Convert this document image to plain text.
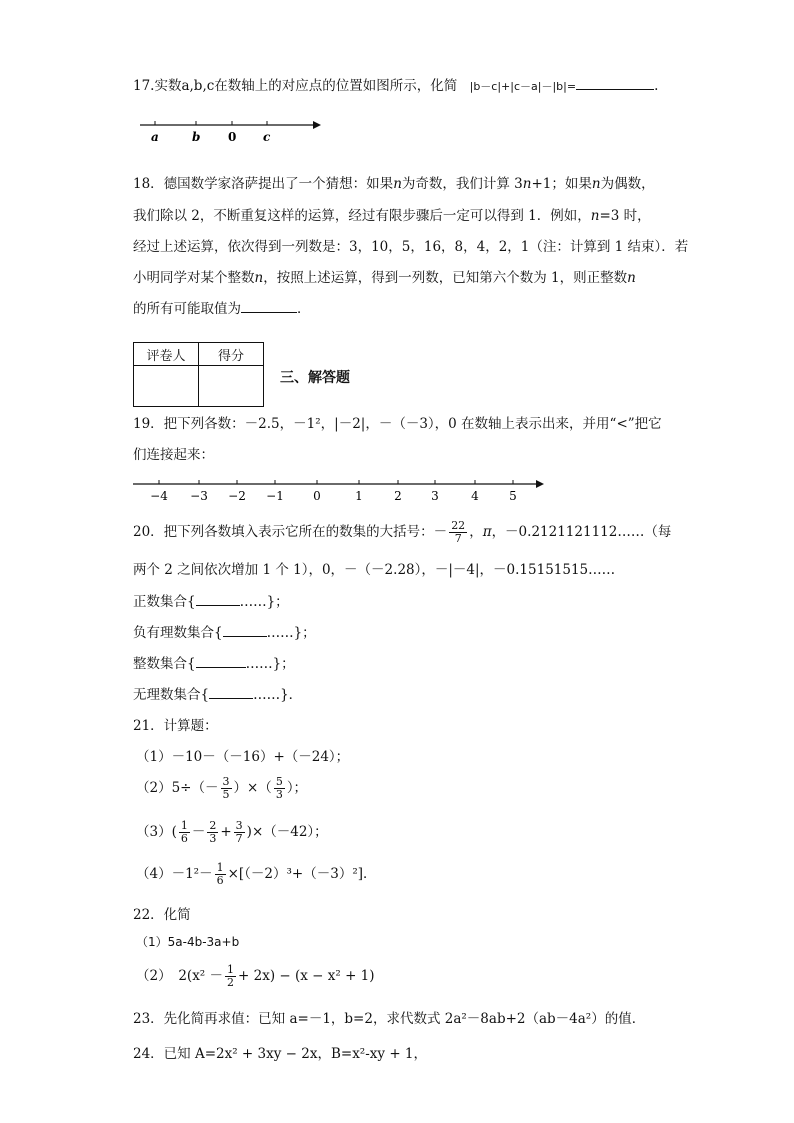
17.实数a,b,c在数轴上的对应点的位置如图所示，化简 |b－c|+|c－a|－|b|=	.
a	b 0 c
18．德国数学家洛萨提出了一个猜想：如果n为奇数，我们计算 3n+1；如果n为偶数，
我们除以 2，不断重复这样的运算，经过有限步骤后一定可以得到 1．例如，n=3 时，
经过上述运算，依次得到一列数是：3，10，5，16，8，4，2，1（注：计算到 1 结束）．若
小明同学对某个整数n，按照上述运算，得到一列数，已知第六个数为 1，则正整数n
的所有可能取值为	．
评卷人	得分

三、解答题
19．把下列各数：－2.5，－1²，|－2|，－（－3），0 在数轴上表示出来，并用“<”把它
们连接起来：
−4 −3 −2 −1 0	1	2 3	4	5
20．把下列各数填入表示它所在的数集的大括号：－ $\frac{22}{7}$ ，π，－0.2121121112……（每
两个 2 之间依次增加 1 个 1），0，－（－2.28），－|－4|，－0.15151515……
正数集合{	……}；
负有理数集合{	……}；
整数集合{	……}；
无理数集合{	……}．
21．计算题：
（1）－10－（－16）+（－24）；
$(2)5\div(- \frac{3}{5}$ ）×（ $\frac{5}{3}$ ）；
$(3)( \frac{1}{6} - \frac{2}{3} + \frac{3}{7} )\times(-42)$；
$(4)-1^2- \frac{1}{6} \times[(-2)^3+(-3)^2]$．
22．化简
（1）5a-4b-3a+b
（2）　$2(x^2 - \frac{1}{2} + 2x) - (x - x^2 + 1)$
23．先化简再求值：已知 a=－1，b=2，求代数式 2a²－8ab+2（ab－4a²）的值．
24．已知 A=2x² + 3xy − 2x，B=x²-xy + 1，
